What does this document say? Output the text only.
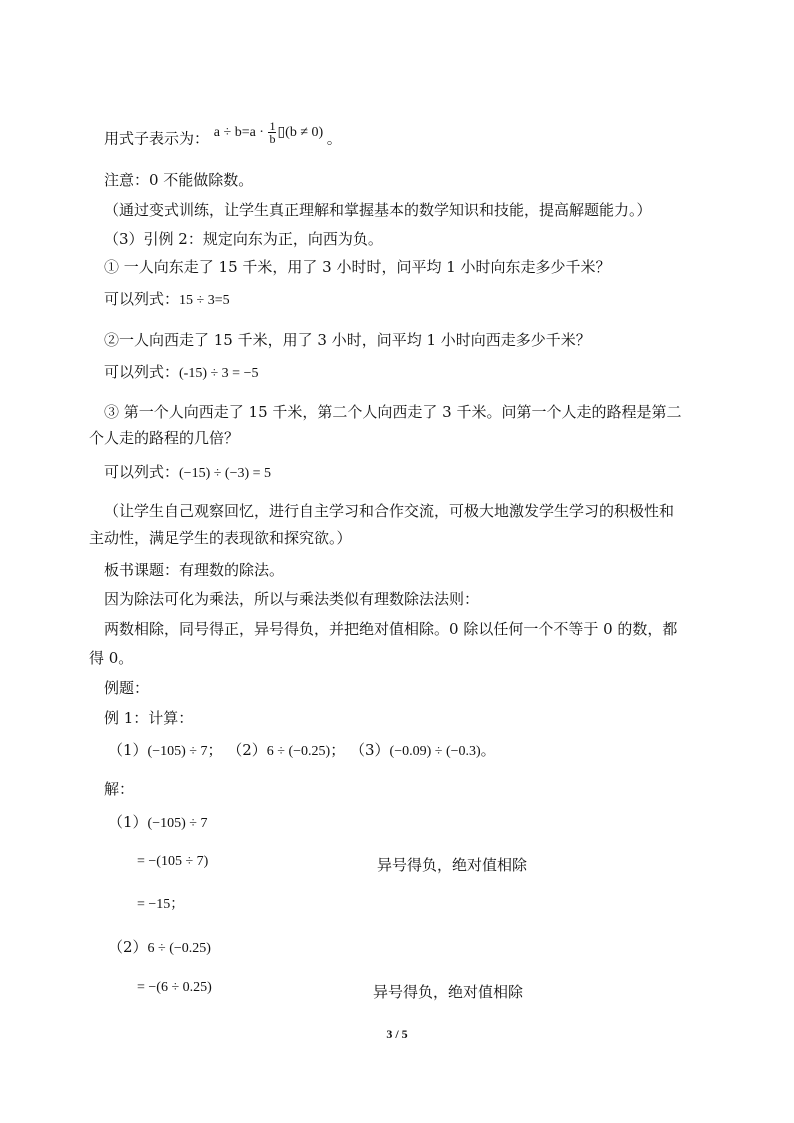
用式子表示为： $a \div b=a \cdot \frac{1}{b}$ ▯(b ≠ 0) 。
注意：0 不能做除数。
（通过变式训练，让学生真正理解和掌握基本的数学知识和技能，提高解题能力。）
（3）引例 2：规定向东为正，向西为负。
① 一人向东走了 15 千米，用了 3 小时时，问平均 1 小时向东走多少千米？
可以列式：15 ÷ 3=5
②一人向西走了 15 千米，用了 3 小时，问平均 1 小时向西走多少千米？
可以列式：(-15) ÷ 3 = −5
③ 第一个人向西走了 15 千米，第二个人向西走了 3 千米。问第一个人走的路程是第二
个人走的路程的几倍？
可以列式：(−15) ÷ (−3) = 5
（让学生自己观察回忆，进行自主学习和合作交流，可极大地激发学生学习的积极性和
主动性，满足学生的表现欲和探究欲。）
板书课题：有理数的除法。
因为除法可化为乘法，所以与乘法类似有理数除法法则：
两数相除，同号得正，异号得负，并把绝对值相除。0 除以任何一个不等于 0 的数，都
得 0。
例题：
例 1：计算：
（1）(−105) ÷ 7； （2）6 ÷ (−0.25)； （3）(−0.09) ÷ (−0.3)。
解：
（1）(−105) ÷ 7
= −(105 ÷ 7)	异号得负，绝对值相除
= −15；
（2）6 ÷ (−0.25)
= −(6 ÷ 0.25)	异号得负，绝对值相除
3 / 5
